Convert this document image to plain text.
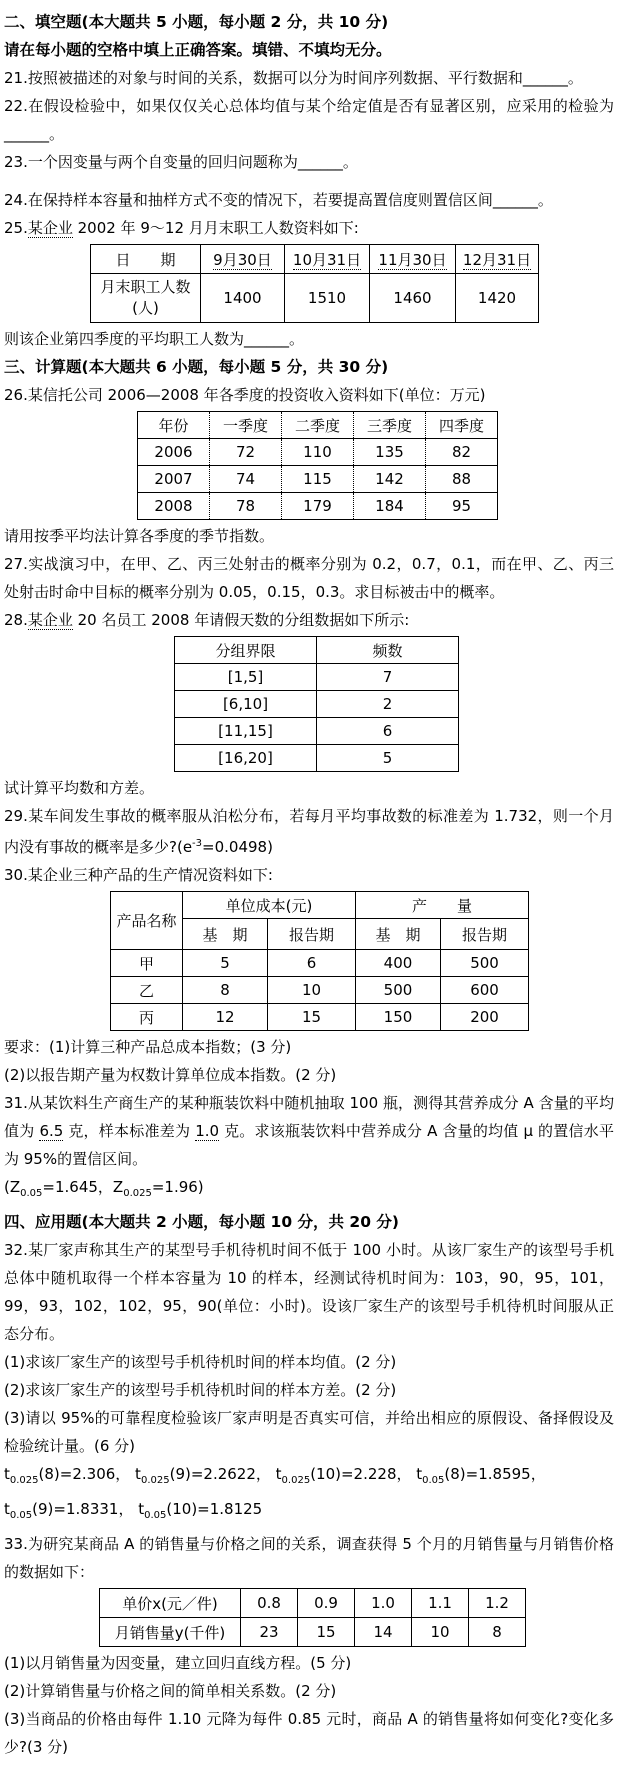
二、填空题(本大题共 5 小题，每小题 2 分，共 10 分)

请在每小题的空格中填上正确答案。填错、不填均无分。

21.按照被描述的对象与时间的关系，数据可以分为时间序列数据、平行数据和______。

22.在假设检验中，如果仅仅关心总体均值与某个给定值是否有显著区别，应采用的检验为______。

23.一个因变量与两个自变量的回归问题称为______。

24.在保持样本容量和抽样方式不变的情况下，若要提高置信度则置信区间______。

25.某企业 2002 年 9～12 月月末职工人数资料如下:

日　　期	9月30日	10月31日	11月30日	12月31日

月末职工人数
(人)	1400	1510	1460	1420

则该企业第四季度的平均职工人数为______。

三、计算题(本大题共 6 小题，每小题 5 分，共 30 分)

26.某信托公司 2006—2008 年各季度的投资收入资料如下(单位：万元)

年份	一季度	二季度	三季度	四季度
2006	72	110	135	82
2007	74	115	142	88
2008	78	179	184	95

请用按季平均法计算各季度的季节指数。

27.实战演习中，在甲、乙、丙三处射击的概率分别为 0.2，0.7，0.1，而在甲、乙、丙三处射击时命中目标的概率分别为 0.05，0.15，0.3。求目标被击中的概率。

28.某企业 20 名员工 2008 年请假天数的分组数据如下所示:

分组界限	频数
[1,5]	7
[6,10]	2
[11,15]	6
[16,20]	5

试计算平均数和方差。

29.某车间发生事故的概率服从泊松分布，若每月平均事故数的标准差为 1.732，则一个月内没有事故的概率是多少$?(e^{-3}=0.0498)$

30.某企业三种产品的生产情况资料如下:

产品名称	单位成本(元)		产　　量	
	基　期	报告期	基　期	报告期
甲	5	6	400	500
乙	8	10	500	600
丙	12	15	150	200

要求：(1)计算三种产品总成本指数；(3 分)

(2)以报告期产量为权数计算单位成本指数。(2 分)

31.从某饮料生产商生产的某种瓶装饮料中随机抽取 100 瓶，测得其营养成分 A 含量的平均值为 6.5 克，样本标准差为 1.0 克。求该瓶装饮料中营养成分 A 含量的均值 μ 的置信水平为 95%的置信区间。

($Z_{0.05}=1.645$，$Z_{0.025}=1.96$)

四、应用题(本大题共 2 小题，每小题 10 分，共 20 分)

32.某厂家声称其生产的某型号手机待机时间不低于 100 小时。从该厂家生产的该型号手机总体中随机取得一个样本容量为 10 的样本，经测试待机时间为：103，90，95，101，99，93，102，102，95，90(单位：小时)。设该厂家生产的该型号手机待机时间服从正态分布。

(1)求该厂家生产的该型号手机待机时间的样本均值。(2 分)

(2)求该厂家生产的该型号手机待机时间的样本方差。(2 分)

(3)请以 95%的可靠程度检验该厂家声明是否真实可信，并给出相应的原假设、备择假设及检验统计量。(6 分)

$t_{0.025}(8)=2.306$， $t_{0.025}(9)=2.2622$， $t_{0.025}(10)=2.228$， $t_{0.05}(8)=1.8595$，

$t_{0.05}(9)=1.8331$， $t_{0.05}(10)=1.8125$

33.为研究某商品 A 的销售量与价格之间的关系，调查获得 5 个月的月销售量与月销售价格的数据如下：

单价x(元／件)	0.8	0.9	1.0	1.1	1.2
月销售量y(千件)	23	15	14	10	8

(1)以月销售量为因变量，建立回归直线方程。(5 分)

(2)计算销售量与价格之间的简单相关系数。(2 分)

(3)当商品的价格由每件 1.10 元降为每件 0.85 元时，商品 A 的销售量将如何变化?变化多少?(3 分)
